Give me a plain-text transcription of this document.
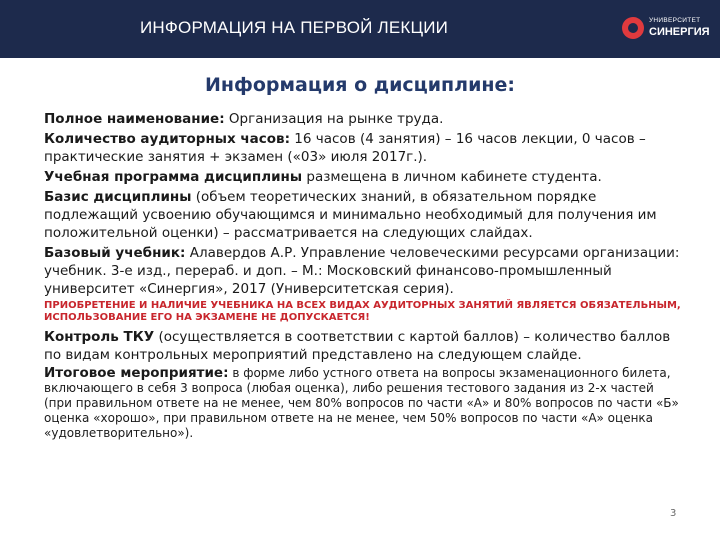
ИНФОРМАЦИЯ НА ПЕРВОЙ ЛЕКЦИИ	УНИВЕРСИТЕТ
СИНЕРГИЯ
Информация о дисциплине:

Полное наименование: Организация на рынке труда.

Количество аудиторных часов: 16 часов (4 занятия) – 16 часов лекции, 0 часов – практические занятия + экзамен («03» июля 2017г.).

Учебная программа дисциплины размещена в личном кабинете студента.

Базис дисциплины (объем теоретических знаний, в обязательном порядке подлежащий усвоению обучающимся и минимально необходимый для получения им положительной оценки) – рассматривается на следующих слайдах.

Базовый учебник: Алавердов А.Р. Управление человеческими ресурсами организации: учебник. 3-е изд., перераб. и доп. – М.: Московский финансово-промышленный университет «Синергия», 2017 (Университетская серия).

ПРИОБРЕТЕНИЕ И НАЛИЧИЕ УЧЕБНИКА НА ВСЕХ ВИДАХ АУДИТОРНЫХ ЗАНЯТИЙ ЯВЛЯЕТСЯ ОБЯЗАТЕЛЬНЫМ, ИСПОЛЬЗОВАНИЕ ЕГО НА ЭКЗАМЕНЕ НЕ ДОПУСКАЕТСЯ!

Контроль ТКУ (осуществляется в соответствии с картой баллов) – количество баллов по видам контрольных мероприятий представлено на следующем слайде.

Итоговое мероприятие: в форме либо устного ответа на вопросы экзаменационного билета, включающего в себя 3 вопроса (любая оценка), либо решения тестового задания из 2-х частей (при правильном ответе на не менее, чем 80% вопросов по части «А» и 80% вопросов по части «Б» оценка «хорошо», при правильном ответе на не менее, чем 50% вопросов по части «А» оценка «удовлетворительно»).

3
